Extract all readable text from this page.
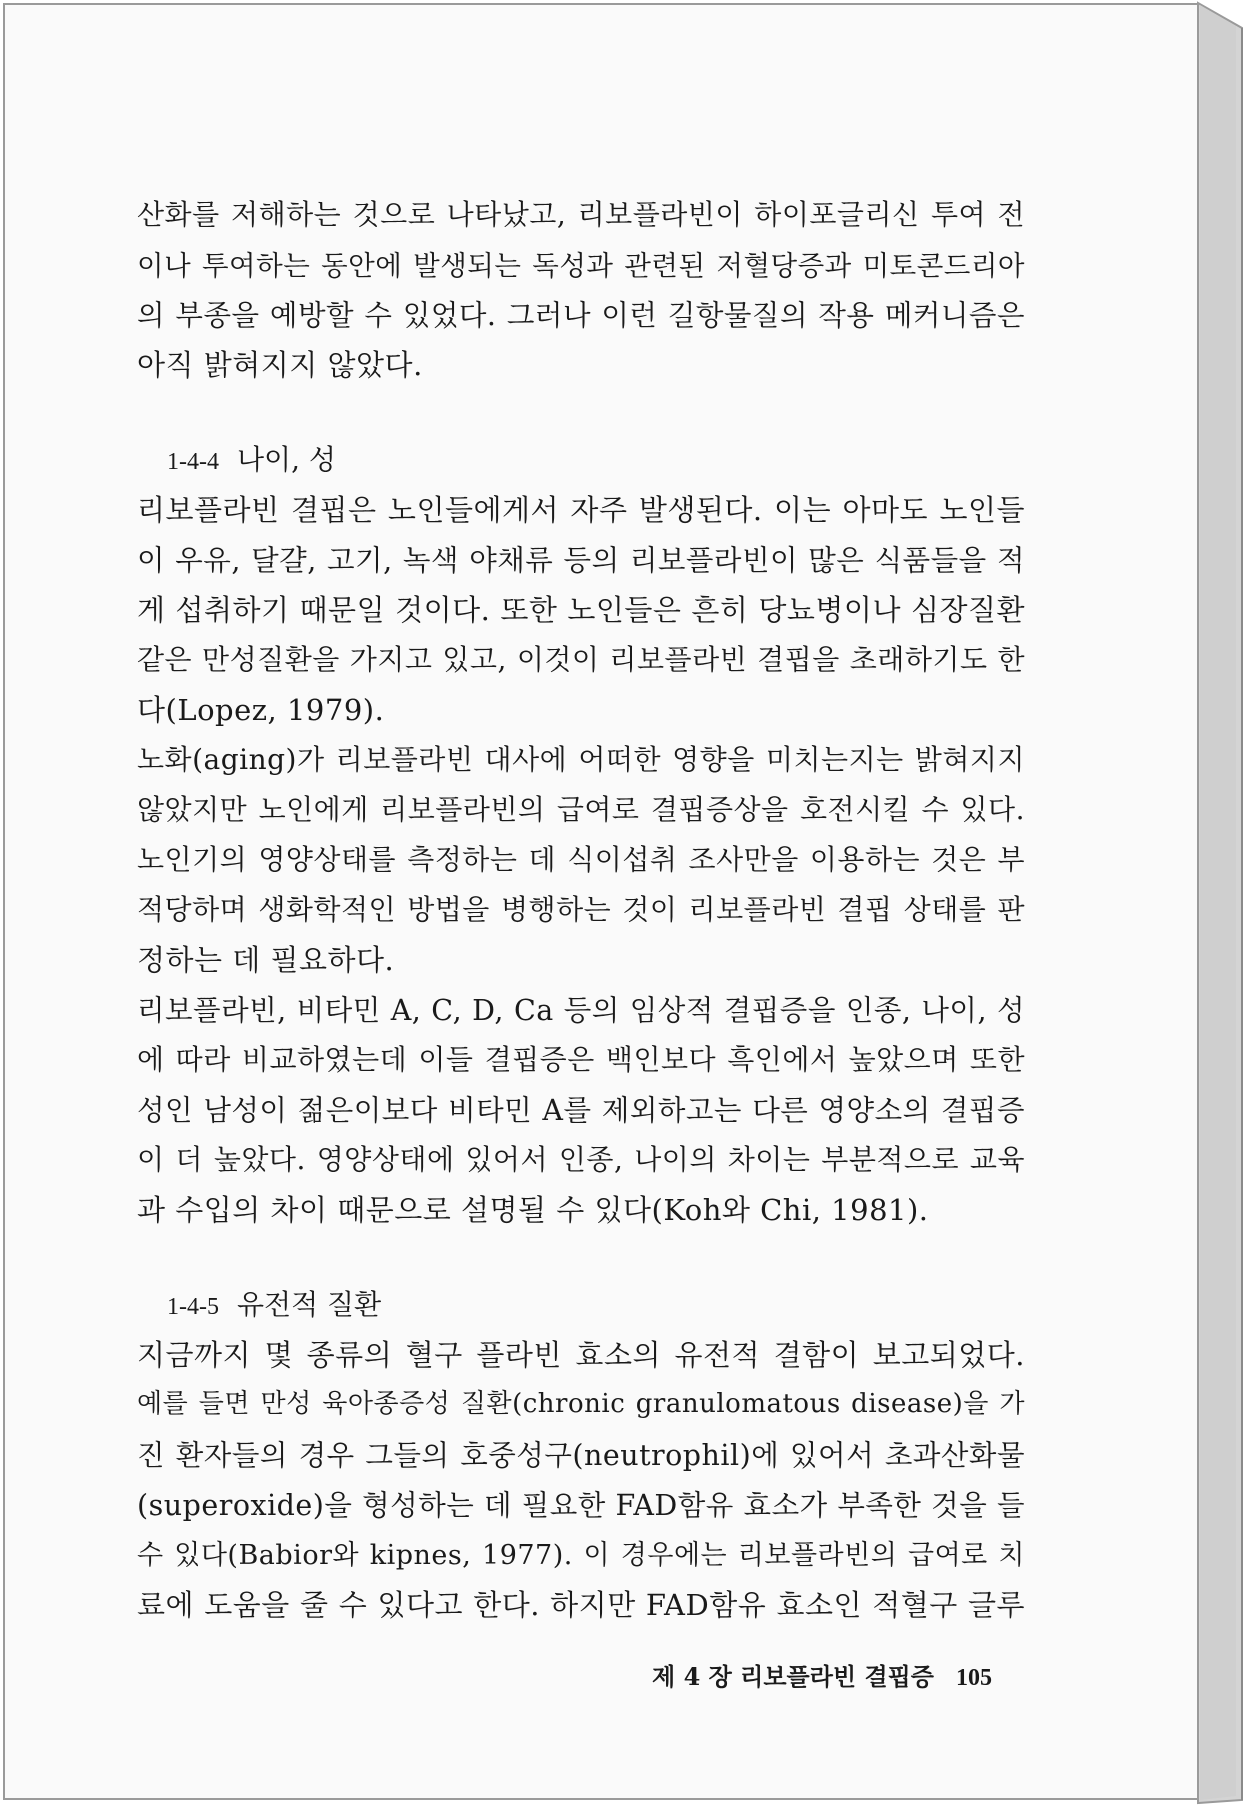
산화를 저해하는 것으로 나타났고, 리보플라빈이 하이포글리신 투여 전
이나 투여하는 동안에 발생되는 독성과 관련된 저혈당증과 미토콘드리아
의 부종을 예방할 수 있었다. 그러나 이런 길항물질의 작용 메커니즘은
아직 밝혀지지 않았다.
1-4-4 나이, 성
리보플라빈 결핍은 노인들에게서 자주 발생된다. 이는 아마도 노인들
이 우유, 달걀, 고기, 녹색 야채류 등의 리보플라빈이 많은 식품들을 적
게 섭취하기 때문일 것이다. 또한 노인들은 흔히 당뇨병이나 심장질환
같은 만성질환을 가지고 있고, 이것이 리보플라빈 결핍을 초래하기도 한
다(Lopez, 1979).
노화(aging)가 리보플라빈 대사에 어떠한 영향을 미치는지는 밝혀지지
않았지만 노인에게 리보플라빈의 급여로 결핍증상을 호전시킬 수 있다.
노인기의 영양상태를 측정하는 데 식이섭취 조사만을 이용하는 것은 부
적당하며 생화학적인 방법을 병행하는 것이 리보플라빈 결핍 상태를 판
정하는 데 필요하다.
리보플라빈, 비타민 A, C, D, Ca 등의 임상적 결핍증을 인종, 나이, 성
에 따라 비교하였는데 이들 결핍증은 백인보다 흑인에서 높았으며 또한
성인 남성이 젊은이보다 비타민 A를 제외하고는 다른 영양소의 결핍증
이 더 높았다. 영양상태에 있어서 인종, 나이의 차이는 부분적으로 교육
과 수입의 차이 때문으로 설명될 수 있다(Koh와 Chi, 1981).
1-4-5 유전적 질환
지금까지 몇 종류의 혈구 플라빈 효소의 유전적 결함이 보고되었다.
예를 들면 만성 육아종증성 질환(chronic granulomatous disease)을 가
진 환자들의 경우 그들의 호중성구(neutrophil)에 있어서 초과산화물
(superoxide)을 형성하는 데 필요한 FAD함유 효소가 부족한 것을 들
수 있다(Babior와 kipnes, 1977). 이 경우에는 리보플라빈의 급여로 치
료에 도움을 줄 수 있다고 한다. 하지만 FAD함유 효소인 적혈구 글루
제 4 장 리보플라빈 결핍증 105
